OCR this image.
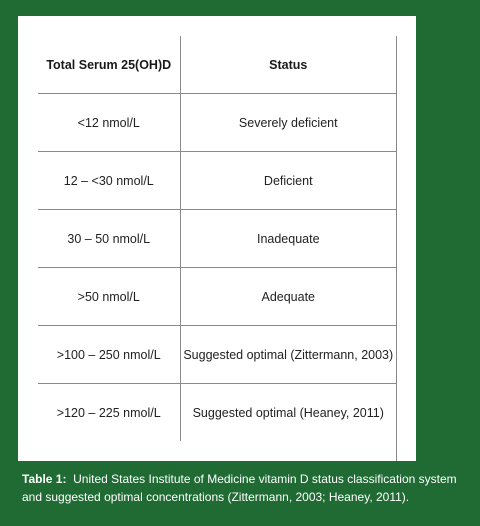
Total Serum 25(OH)D	Status
<12 nmol/L	Severely deficient
12 – <30 nmol/L	Deficient
30 – 50 nmol/L	Inadequate
>50 nmol/L	Adequate
>100 – 250 nmol/L	Suggested optimal (Zittermann, 2003)
>120 – 225 nmol/L	Suggested optimal (Heaney, 2011)
Table 1: United States Institute of Medicine vitamin D status classification system and suggested optimal concentrations (Zittermann, 2003; Heaney, 2011).
